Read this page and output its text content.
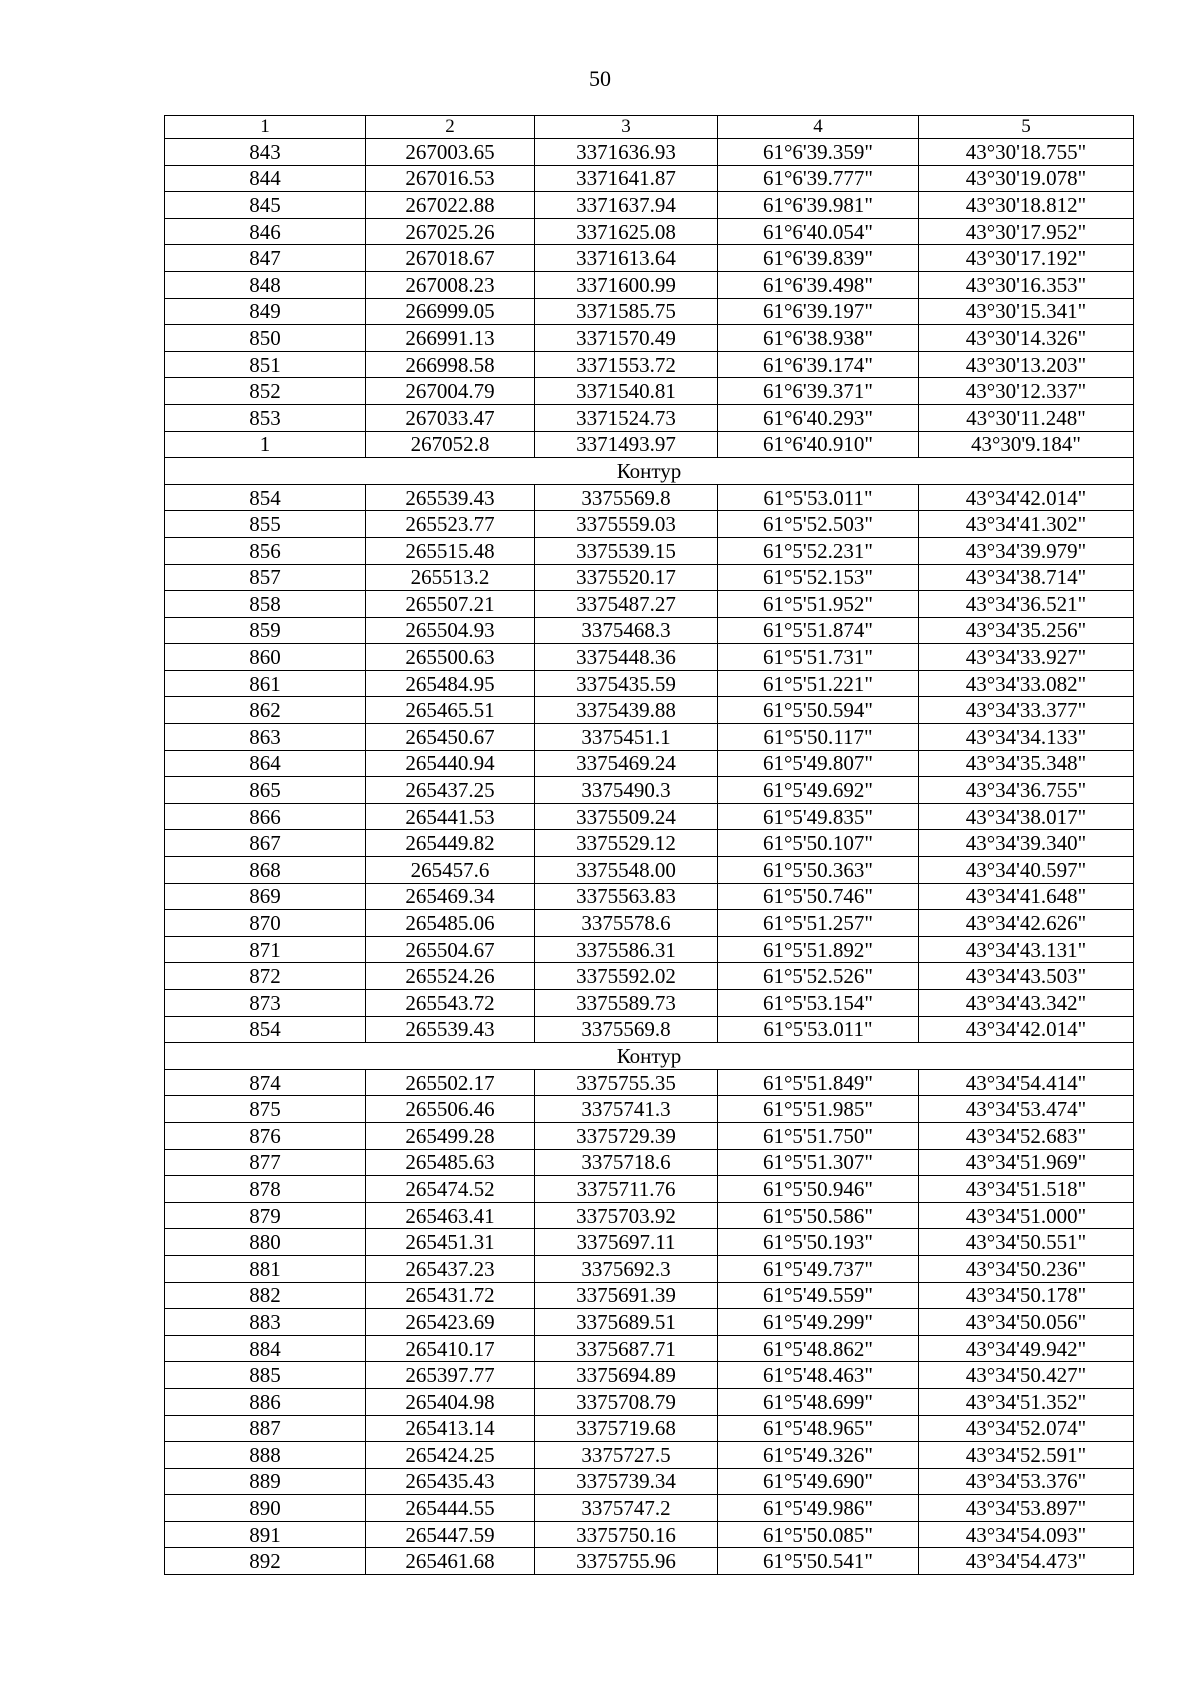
50
1	2	3	4	5
843	267003.65	3371636.93	61°6'39.359"	43°30'18.755"
844	267016.53	3371641.87	61°6'39.777"	43°30'19.078"
845	267022.88	3371637.94	61°6'39.981"	43°30'18.812"
846	267025.26	3371625.08	61°6'40.054"	43°30'17.952"
847	267018.67	3371613.64	61°6'39.839"	43°30'17.192"
848	267008.23	3371600.99	61°6'39.498"	43°30'16.353"
849	266999.05	3371585.75	61°6'39.197"	43°30'15.341"
850	266991.13	3371570.49	61°6'38.938"	43°30'14.326"
851	266998.58	3371553.72	61°6'39.174"	43°30'13.203"
852	267004.79	3371540.81	61°6'39.371"	43°30'12.337"
853	267033.47	3371524.73	61°6'40.293"	43°30'11.248"
1	267052.8	3371493.97	61°6'40.910"	43°30'9.184"
Контур				
854	265539.43	3375569.8	61°5'53.011"	43°34'42.014"
855	265523.77	3375559.03	61°5'52.503"	43°34'41.302"
856	265515.48	3375539.15	61°5'52.231"	43°34'39.979"
857	265513.2	3375520.17	61°5'52.153"	43°34'38.714"
858	265507.21	3375487.27	61°5'51.952"	43°34'36.521"
859	265504.93	3375468.3	61°5'51.874"	43°34'35.256"
860	265500.63	3375448.36	61°5'51.731"	43°34'33.927"
861	265484.95	3375435.59	61°5'51.221"	43°34'33.082"
862	265465.51	3375439.88	61°5'50.594"	43°34'33.377"
863	265450.67	3375451.1	61°5'50.117"	43°34'34.133"
864	265440.94	3375469.24	61°5'49.807"	43°34'35.348"
865	265437.25	3375490.3	61°5'49.692"	43°34'36.755"
866	265441.53	3375509.24	61°5'49.835"	43°34'38.017"
867	265449.82	3375529.12	61°5'50.107"	43°34'39.340"
868	265457.6	3375548.00	61°5'50.363"	43°34'40.597"
869	265469.34	3375563.83	61°5'50.746"	43°34'41.648"
870	265485.06	3375578.6	61°5'51.257"	43°34'42.626"
871	265504.67	3375586.31	61°5'51.892"	43°34'43.131"
872	265524.26	3375592.02	61°5'52.526"	43°34'43.503"
873	265543.72	3375589.73	61°5'53.154"	43°34'43.342"
854	265539.43	3375569.8	61°5'53.011"	43°34'42.014"
Контур				
874	265502.17	3375755.35	61°5'51.849"	43°34'54.414"
875	265506.46	3375741.3	61°5'51.985"	43°34'53.474"
876	265499.28	3375729.39	61°5'51.750"	43°34'52.683"
877	265485.63	3375718.6	61°5'51.307"	43°34'51.969"
878	265474.52	3375711.76	61°5'50.946"	43°34'51.518"
879	265463.41	3375703.92	61°5'50.586"	43°34'51.000"
880	265451.31	3375697.11	61°5'50.193"	43°34'50.551"
881	265437.23	3375692.3	61°5'49.737"	43°34'50.236"
882	265431.72	3375691.39	61°5'49.559"	43°34'50.178"
883	265423.69	3375689.51	61°5'49.299"	43°34'50.056"
884	265410.17	3375687.71	61°5'48.862"	43°34'49.942"
885	265397.77	3375694.89	61°5'48.463"	43°34'50.427"
886	265404.98	3375708.79	61°5'48.699"	43°34'51.352"
887	265413.14	3375719.68	61°5'48.965"	43°34'52.074"
888	265424.25	3375727.5	61°5'49.326"	43°34'52.591"
889	265435.43	3375739.34	61°5'49.690"	43°34'53.376"
890	265444.55	3375747.2	61°5'49.986"	43°34'53.897"
891	265447.59	3375750.16	61°5'50.085"	43°34'54.093"
892	265461.68	3375755.96	61°5'50.541"	43°34'54.473"
